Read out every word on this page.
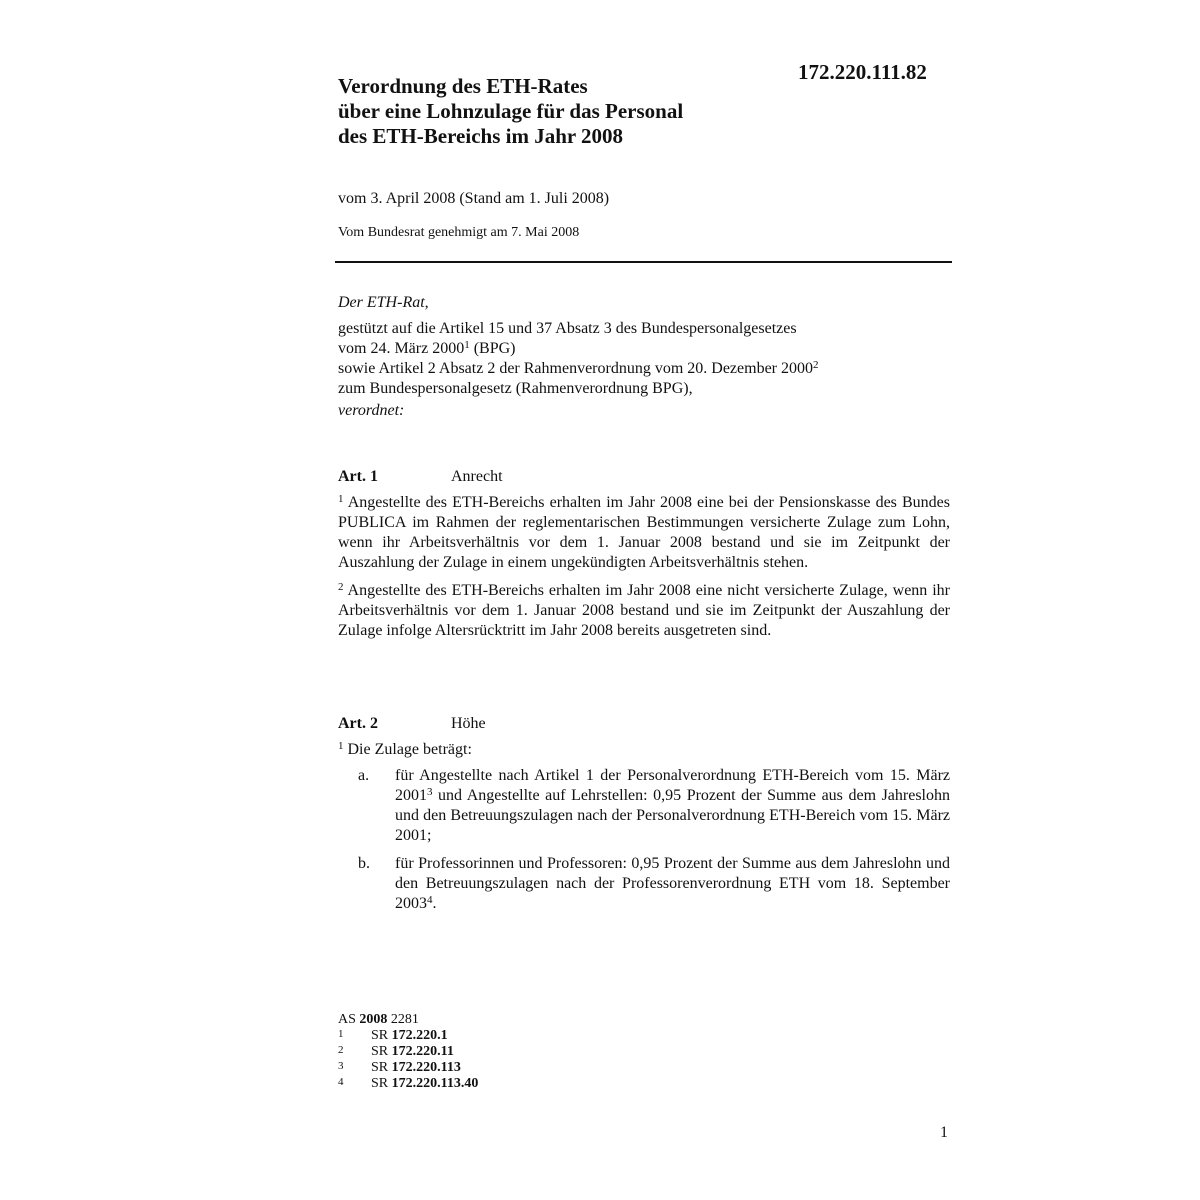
172.220.111.82
Verordnung des ETH-Rates
über eine Lohnzulage für das Personal
des ETH-Bereichs im Jahr 2008
vom 3. April 2008 (Stand am 1. Juli 2008)
Vom Bundesrat genehmigt am 7. Mai 2008
Der ETH-Rat,
gestützt auf die Artikel 15 und 37 Absatz 3 des Bundespersonalgesetzes
vom 24. März 2000$^1$ (BPG)
sowie Artikel 2 Absatz 2 der Rahmenverordnung vom 20. Dezember 2000$^2$
zum Bundespersonalgesetz (Rahmenverordnung BPG),
verordnet:
Art. 1	Anrecht
$^1$ Angestellte des ETH-Bereichs erhalten im Jahr 2008 eine bei der Pensionskasse des Bundes PUBLICA im Rahmen der reglementarischen Bestimmungen versicherte Zulage zum Lohn, wenn ihr Arbeitsverhältnis vor dem 1. Januar 2008 bestand und sie im Zeitpunkt der Auszahlung der Zulage in einem ungekündigten Arbeitsverhältnis stehen.
$^2$ Angestellte des ETH-Bereichs erhalten im Jahr 2008 eine nicht versicherte Zulage, wenn ihr Arbeitsverhältnis vor dem 1. Januar 2008 bestand und sie im Zeitpunkt der Auszahlung der Zulage infolge Altersrücktritt im Jahr 2008 bereits ausgetreten sind.
Art. 2	Höhe
$^1$ Die Zulage beträgt:
a.	für Angestellte nach Artikel 1 der Personalverordnung ETH-Bereich vom 15. März 2001$^3$ und Angestellte auf Lehrstellen: 0,95 Prozent der Summe aus dem Jahreslohn und den Betreuungszulagen nach der Personalverordnung ETH-Bereich vom 15. März 2001;
b.	für Professorinnen und Professoren: 0,95 Prozent der Summe aus dem Jahreslohn und den Betreuungszulagen nach der Professorenverordnung ETH vom 18. September 2003$^4$.
AS 2008 2281
1	SR 172.220.1
2	SR 172.220.11
3	SR 172.220.113
4	SR 172.220.113.40
1
